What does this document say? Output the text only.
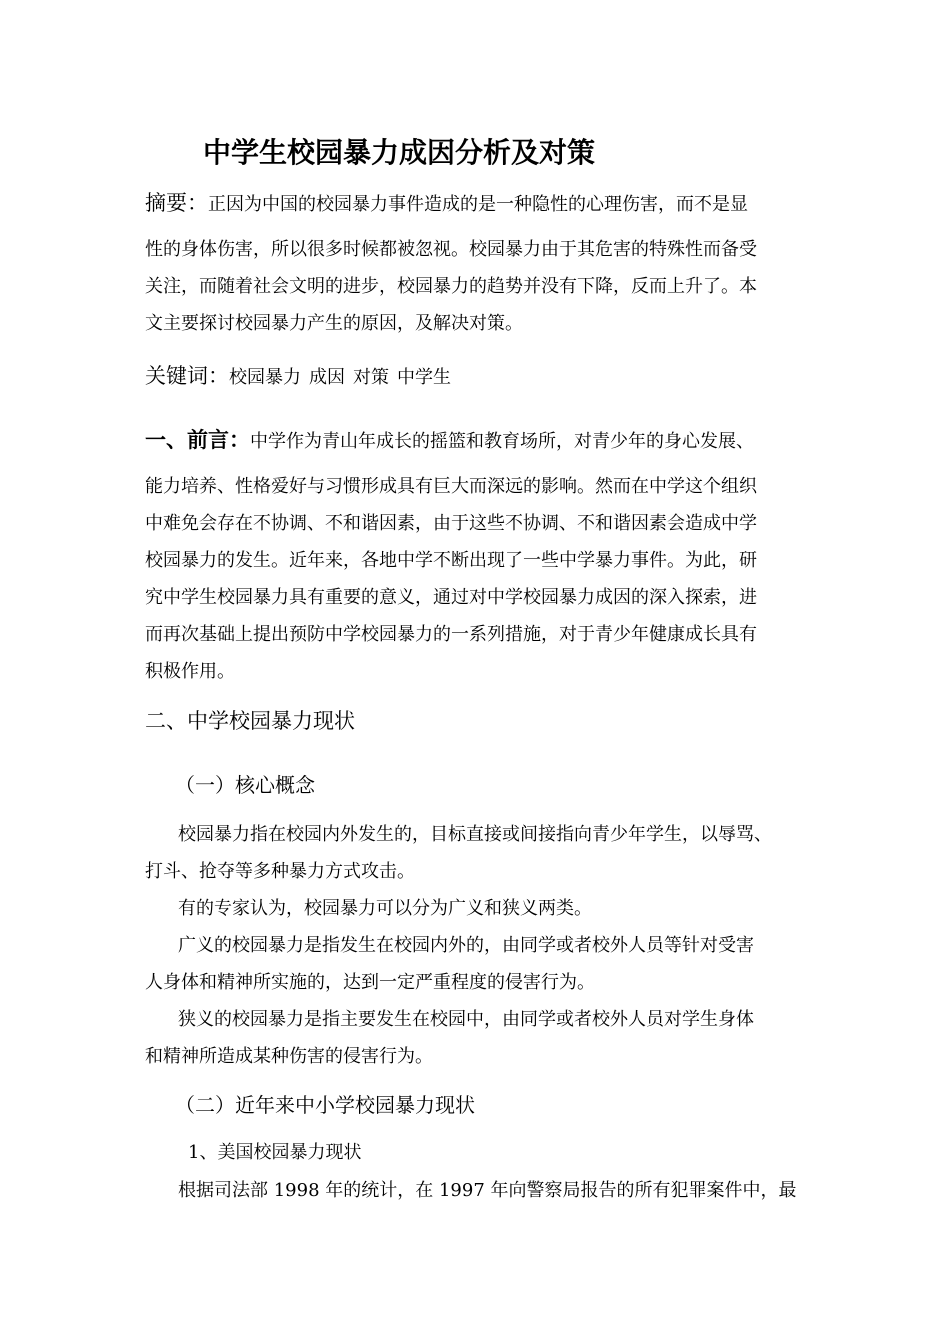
中学生校园暴力成因分析及对策
摘要：正因为中国的校园暴力事件造成的是一种隐性的心理伤害，而不是显
性的身体伤害，所以很多时候都被忽视。校园暴力由于其危害的特殊性而备受
关注，而随着社会文明的进步，校园暴力的趋势并没有下降，反而上升了。本
文主要探讨校园暴力产生的原因，及解决对策。
关键词：校园暴力 成因 对策 中学生
一、前言：中学作为青山年成长的摇篮和教育场所，对青少年的身心发展、
能力培养、性格爱好与习惯形成具有巨大而深远的影响。然而在中学这个组织
中难免会存在不协调、不和谐因素，由于这些不协调、不和谐因素会造成中学
校园暴力的发生。近年来，各地中学不断出现了一些中学暴力事件。为此，研
究中学生校园暴力具有重要的意义，通过对中学校园暴力成因的深入探索，进
而再次基础上提出预防中学校园暴力的一系列措施，对于青少年健康成长具有
积极作用。
二、中学校园暴力现状
（一）核心概念
校园暴力指在校园内外发生的，目标直接或间接指向青少年学生，以辱骂、
打斗、抢夺等多种暴力方式攻击。
有的专家认为，校园暴力可以分为广义和狭义两类。
广义的校园暴力是指发生在校园内外的，由同学或者校外人员等针对受害
人身体和精神所实施的，达到一定严重程度的侵害行为。
狭义的校园暴力是指主要发生在校园中，由同学或者校外人员对学生身体
和精神所造成某种伤害的侵害行为。
（二）近年来中小学校园暴力现状
1、美国校园暴力现状
根据司法部 1998 年的统计，在 1997 年向警察局报告的所有犯罪案件中，最
